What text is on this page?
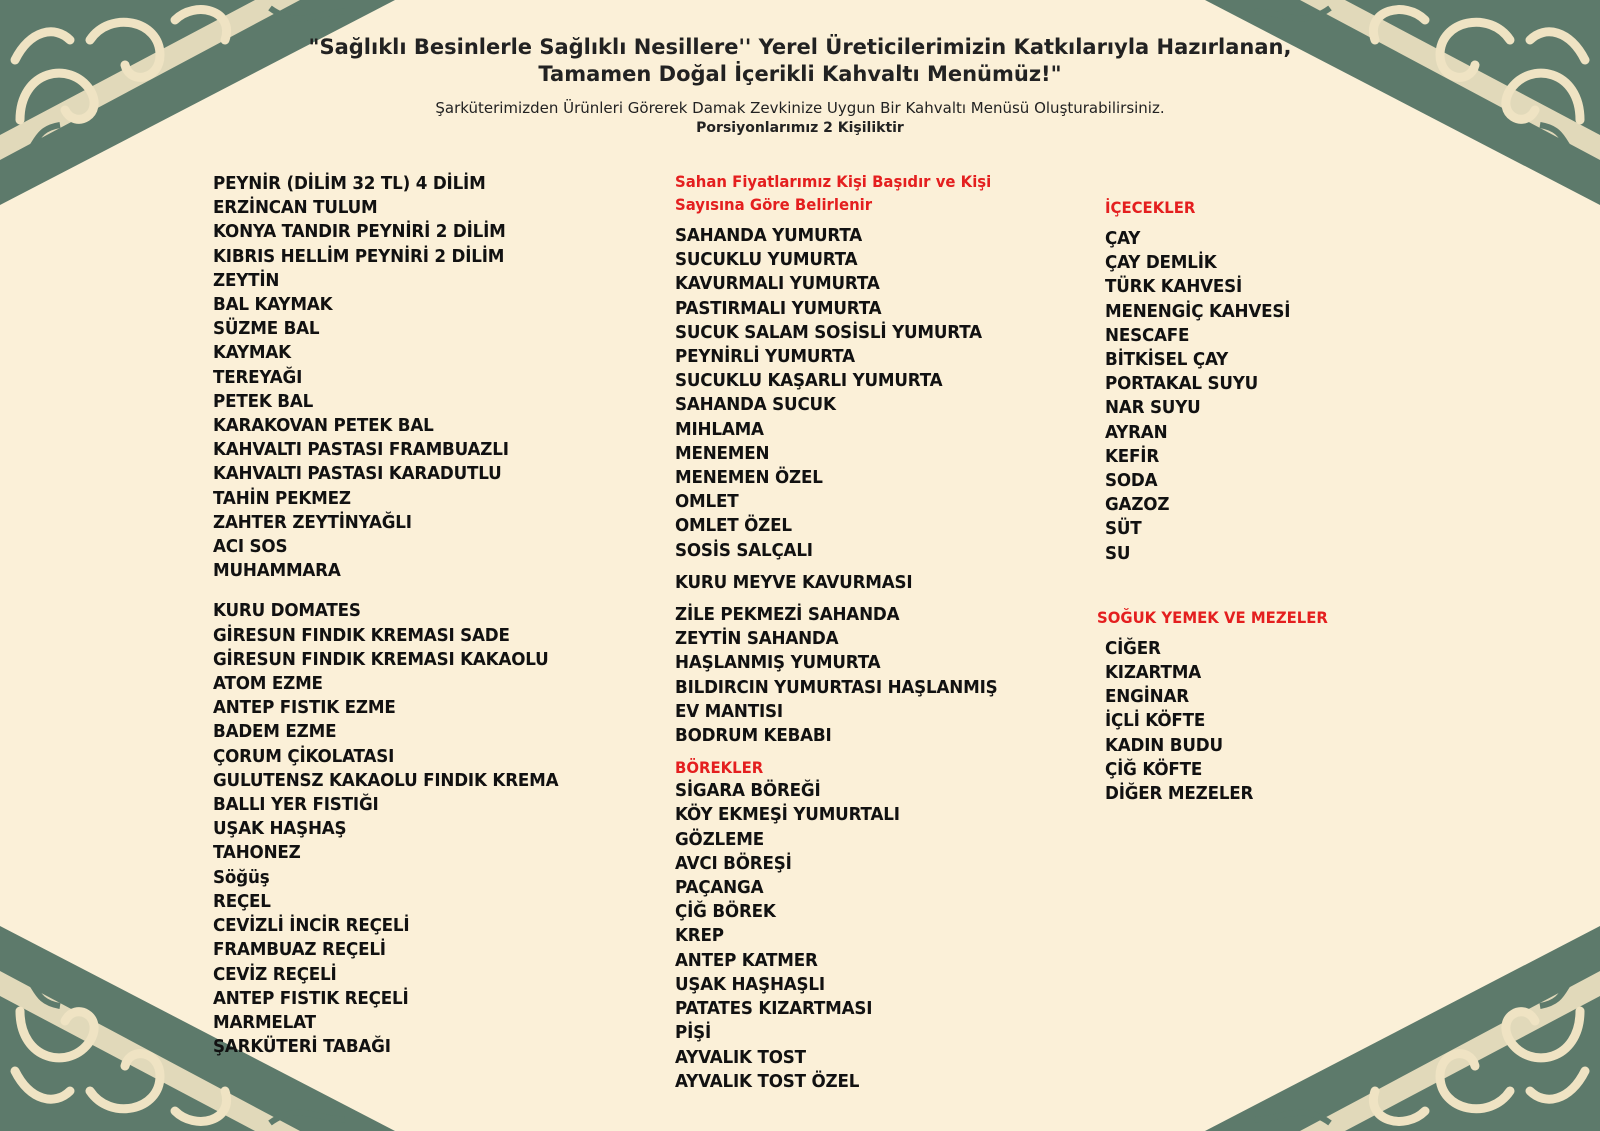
"Sağlıklı Besinlerle Sağlıklı Nesillere'' Yerel Üreticilerimizin Katkılarıyla Hazırlanan,
Tamamen Doğal İçerikli Kahvaltı Menümüz!"
Şarküterimizden Ürünleri Görerek Damak Zevkinize Uygun Bir Kahvaltı Menüsü Oluşturabilirsiniz.
Porsiyonlarımız 2 Kişiliktir
PEYNİR (DİLİM 32 TL) 4 DİLİM
ERZİNCAN TULUM
KONYA TANDIR PEYNİRİ 2 DİLİM
KIBRIS HELLİM PEYNİRİ 2 DİLİM
ZEYTİN
BAL KAYMAK
SÜZME BAL
KAYMAK
TEREYAĞI
PETEK BAL
KARAKOVAN PETEK BAL
KAHVALTI PASTASI FRAMBUAZLI
KAHVALTI PASTASI KARADUTLU
TAHİN PEKMEZ
ZAHTER ZEYTİNYAĞLI
ACI SOS
MUHAMMARA
KURU DOMATES
GİRESUN FINDIK KREMASI SADE
GİRESUN FINDIK KREMASI KAKAOLU
ATOM EZME
ANTEP FISTIK EZME
BADEM EZME
ÇORUM ÇİKOLATASI
GULUTENSZ KAKAOLU FINDIK KREMA
BALLI YER FISTIĞI
UŞAK HAŞHAŞ
TAHONEZ
Söğüş
REÇEL
CEVİZLİ İNCİR REÇELİ
FRAMBUAZ REÇELİ
CEVİZ REÇELİ
ANTEP FISTIK REÇELİ
MARMELAT
ŞARKÜTERİ TABAĞI
Sahan Fiyatlarımız Kişi Başıdır ve Kişi
Sayısına Göre Belirlenir
SAHANDA YUMURTA
SUCUKLU YUMURTA
KAVURMALI YUMURTA
PASTIRMALI YUMURTA
SUCUK SALAM SOSİSLİ YUMURTA
PEYNİRLİ YUMURTA
SUCUKLU KAŞARLI YUMURTA
SAHANDA SUCUK
MIHLAMA
MENEMEN
MENEMEN ÖZEL
OMLET
OMLET ÖZEL
SOSİS SALÇALI
KURU MEYVE KAVURMASI
ZİLE PEKMEZİ SAHANDA
ZEYTİN SAHANDA
HAŞLANMIŞ YUMURTA
BILDIRCIN YUMURTASI HAŞLANMIŞ
EV MANTISI
BODRUM KEBABI
BÖREKLER
SİGARA BÖREĞİ
KÖY EKMEŞİ YUMURTALI
GÖZLEME
AVCI BÖREŞİ
PAÇANGA
ÇİĞ BÖREK
KREP
ANTEP KATMER
UŞAK HAŞHAŞLI
PATATES KIZARTMASI
PİŞİ
AYVALIK TOST
AYVALIK TOST ÖZEL
İÇECEKLER
ÇAY
ÇAY DEMLİK
TÜRK KAHVESİ
MENENGİÇ KAHVESİ
NESCAFE
BİTKİSEL ÇAY
PORTAKAL SUYU
NAR SUYU
AYRAN
KEFİR
SODA
GAZOZ
SÜT
SU
SOĞUK YEMEK VE MEZELER
CİĞER
KIZARTMA
ENGİNAR
İÇLİ KÖFTE
KADIN BUDU
ÇİĞ KÖFTE
DİĞER MEZELER
